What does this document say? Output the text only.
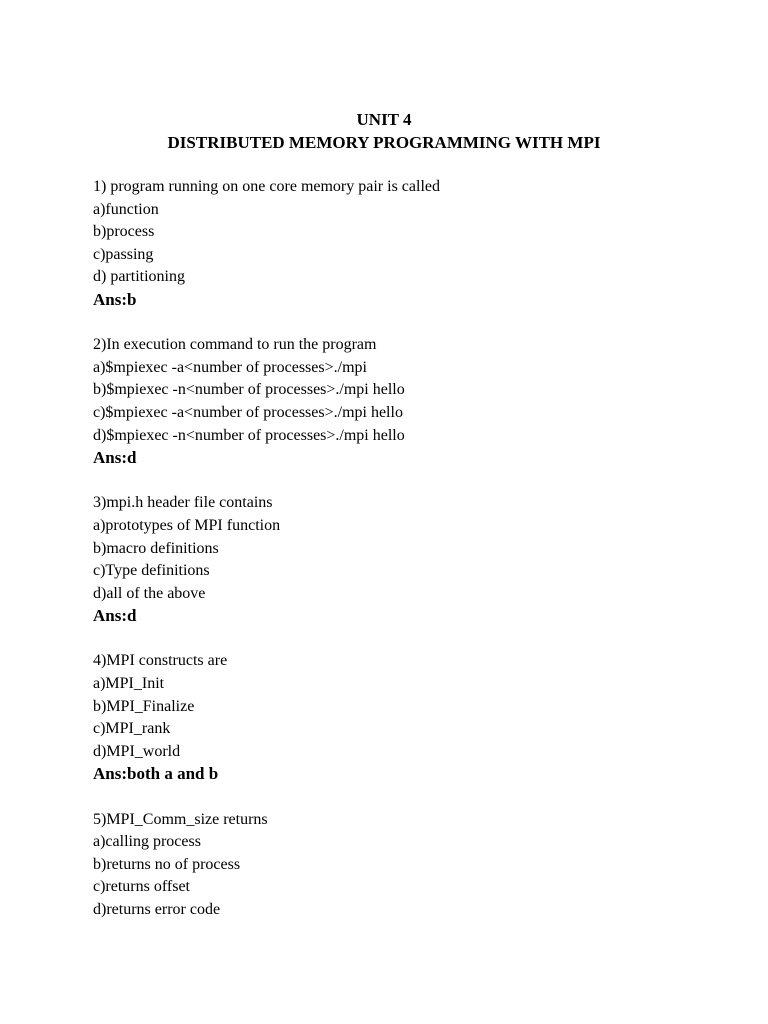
UNIT 4
DISTRIBUTED MEMORY PROGRAMMING WITH MPI
1) program running on one core memory pair is called
a)function
b)process
c)passing
d) partitioning
Ans:b
2)In execution command to run the program
a)$mpiexec -a<number of processes>./mpi
b)$mpiexec -n<number of processes>./mpi hello
c)$mpiexec -a<number of processes>./mpi hello
d)$mpiexec -n<number of processes>./mpi hello
Ans:d
3)mpi.h header file contains
a)prototypes of MPI function
b)macro definitions
c)Type definitions
d)all of the above
Ans:d
4)MPI constructs are
a)MPI_Init
b)MPI_Finalize
c)MPI_rank
d)MPI_world
Ans:both a and b
5)MPI_Comm_size returns
a)calling process
b)returns no of process
c)returns offset
d)returns error code
